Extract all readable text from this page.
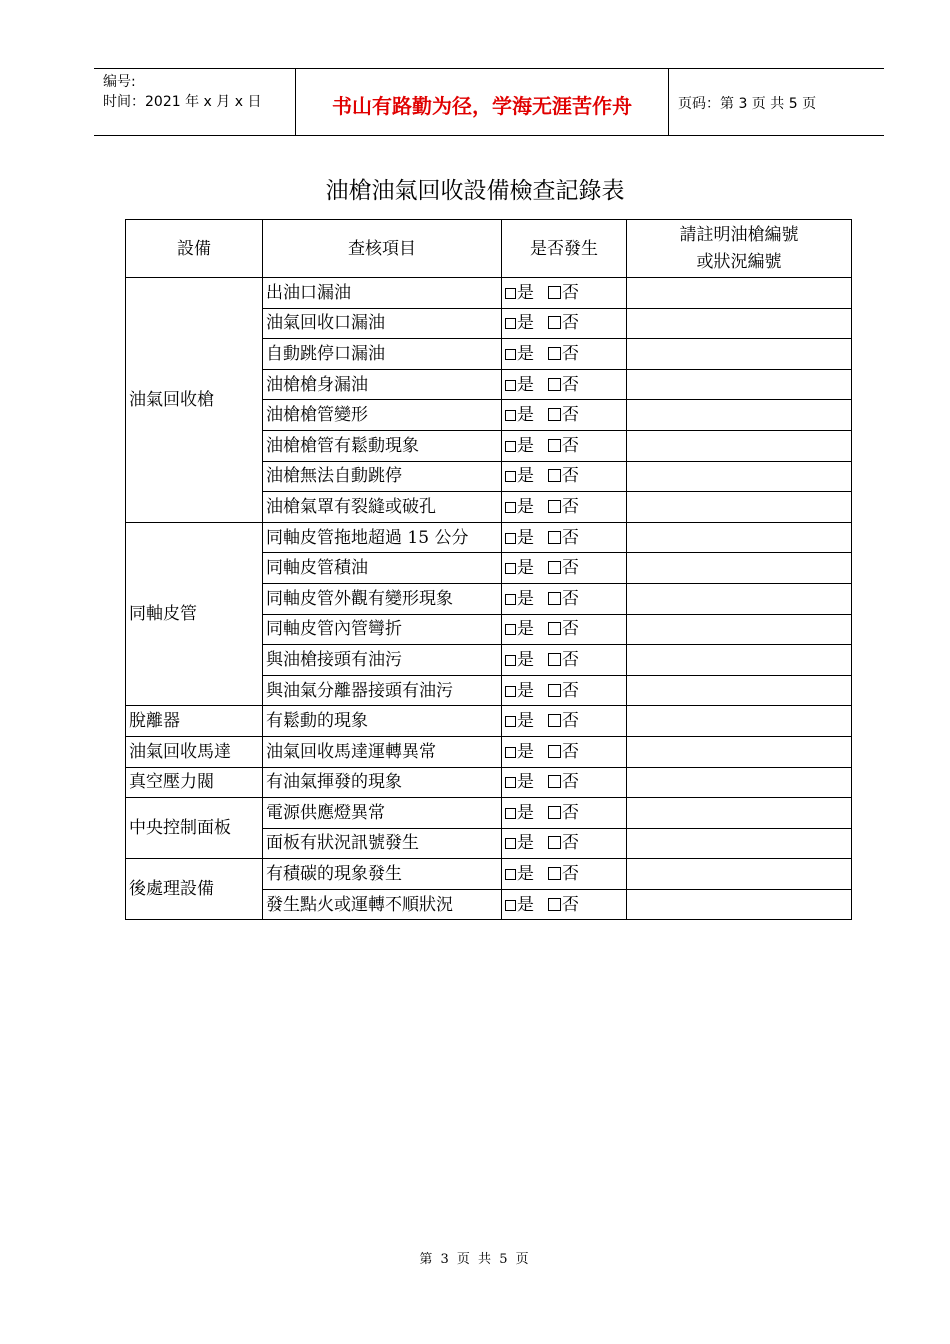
编号:
时间：2021 年 x 月 x 日	书山有路勤为径，学海无涯苦作舟	页码：第 3 页 共 5 页
油槍油氣回收設備檢查記錄表
設備	查核項目	是否發生	請註明油槍編號
或狀況編號

油氣回收槍	出油口漏油	是 否	
	油氣回收口漏油	是 否	
	自動跳停口漏油	是 否	
	油槍槍身漏油	是 否	
	油槍槍管變形	是 否	
	油槍槍管有鬆動現象	是 否	
	油槍無法自動跳停	是 否	
	油槍氣罩有裂縫或破孔	是 否	
同軸皮管	同軸皮管拖地超過 15 公分	是 否	
	同軸皮管積油	是 否	
	同軸皮管外觀有變形現象	是 否	
	同軸皮管內管彎折	是 否	
	與油槍接頭有油污	是 否	
	與油氣分離器接頭有油污	是 否	
脫離器	有鬆動的現象	是 否	
油氣回收馬達	油氣回收馬達運轉異常	是 否	
真空壓力閥	有油氣揮發的現象	是 否	
中央控制面板	電源供應燈異常	是 否	
	面板有狀況訊號發生	是 否	
後處理設備	有積碳的現象發生	是 否	
	發生點火或運轉不順狀況	是 否	
第 3 页 共 5 页
